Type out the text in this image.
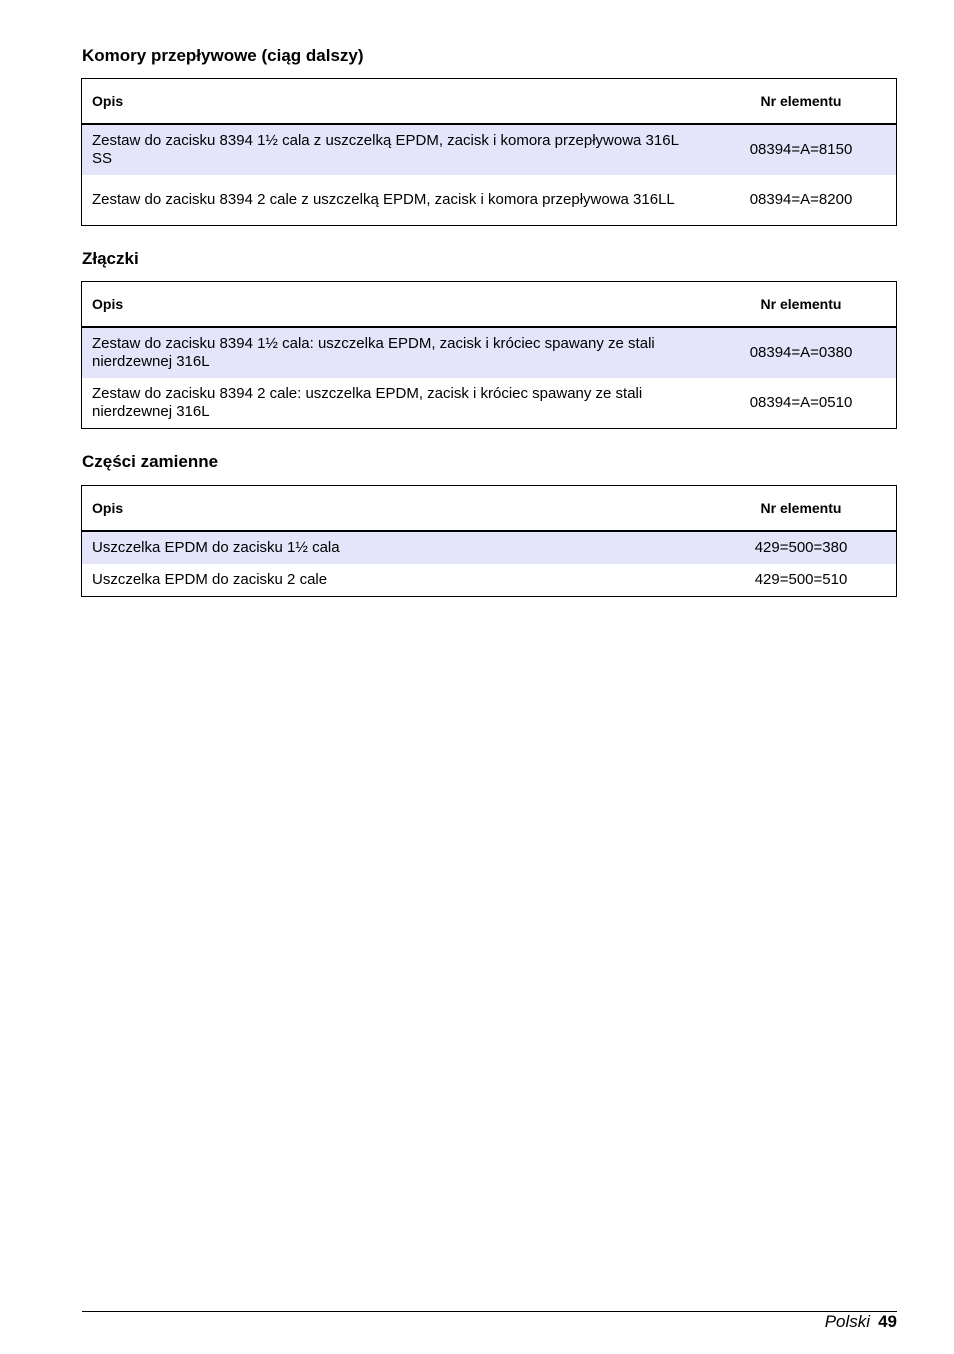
Komory przepływowe (ciąg dalszy)
Opis	Nr elementu
Zestaw do zacisku 8394 1½ cala z uszczelką EPDM, zacisk i komora przepływowa 316L SS	08394=A=8150
Zestaw do zacisku 8394 2 cale z uszczelką EPDM, zacisk i komora przepływowa 316LL	08394=A=8200
Złączki
Opis	Nr elementu
Zestaw do zacisku 8394 1½ cala: uszczelka EPDM, zacisk i króciec spawany ze stali nierdzewnej 316L	08394=A=0380
Zestaw do zacisku 8394 2 cale: uszczelka EPDM, zacisk i króciec spawany ze stali nierdzewnej 316L	08394=A=0510
Części zamienne
Opis	Nr elementu
Uszczelka EPDM do zacisku 1½ cala	429=500=380
Uszczelka EPDM do zacisku 2 cale	429=500=510
Polski 49
